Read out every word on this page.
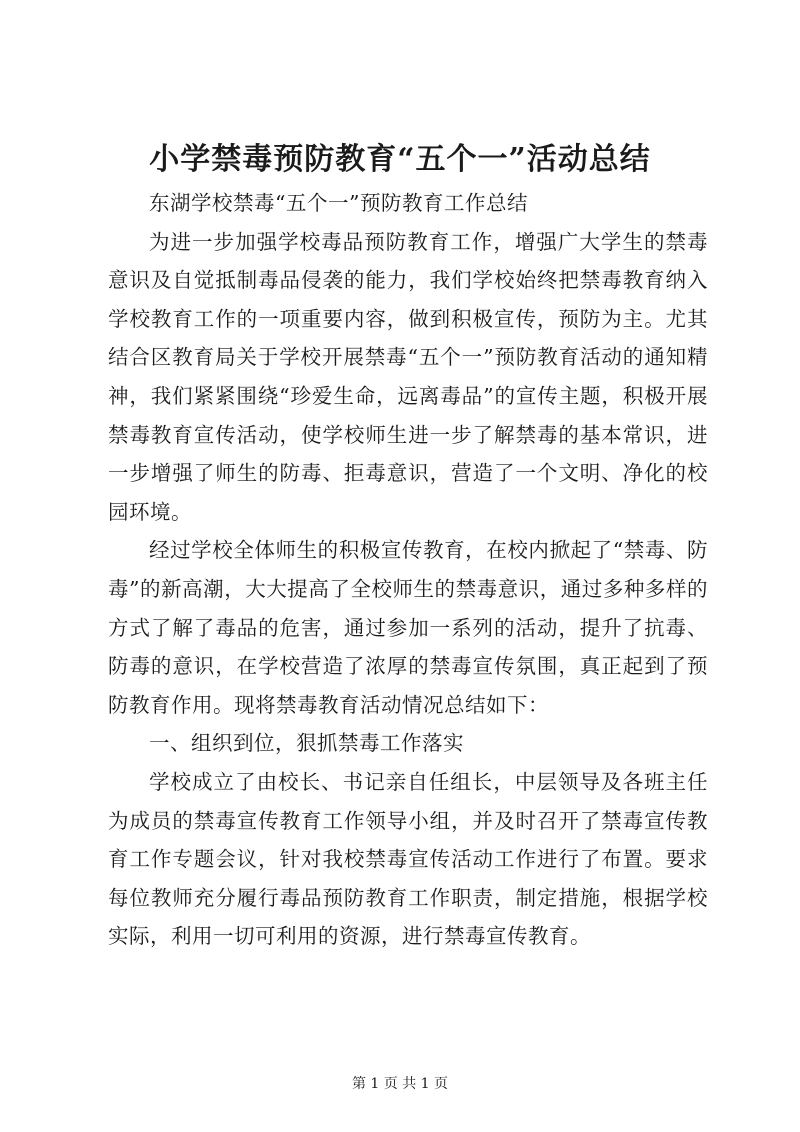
小学禁毒预防教育“五个一”活动总结

东湖学校禁毒“五个一”预防教育工作总结

为进一步加强学校毒品预防教育工作，增强广大学生的禁毒意识及自觉抵制毒品侵袭的能力，我们学校始终把禁毒教育纳入学校教育工作的一项重要内容，做到积极宣传，预防为主。尤其结合区教育局关于学校开展禁毒“五个一”预防教育活动的通知精神，我们紧紧围绕“珍爱生命，远离毒品”的宣传主题，积极开展禁毒教育宣传活动，使学校师生进一步了解禁毒的基本常识，进一步增强了师生的防毒、拒毒意识，营造了一个文明、净化的校园环境。

经过学校全体师生的积极宣传教育，在校内掀起了“禁毒、防毒”的新高潮，大大提高了全校师生的禁毒意识，通过多种多样的方式了解了毒品的危害，通过参加一系列的活动，提升了抗毒、防毒的意识，在学校营造了浓厚的禁毒宣传氛围，真正起到了预防教育作用。现将禁毒教育活动情况总结如下：

一、组织到位，狠抓禁毒工作落实

学校成立了由校长、书记亲自任组长，中层领导及各班主任为成员的禁毒宣传教育工作领导小组，并及时召开了禁毒宣传教育工作专题会议，针对我校禁毒宣传活动工作进行了布置。要求每位教师充分履行毒品预防教育工作职责，制定措施，根据学校实际，利用一切可利用的资源，进行禁毒宣传教育。

第 1 页 共 1 页
